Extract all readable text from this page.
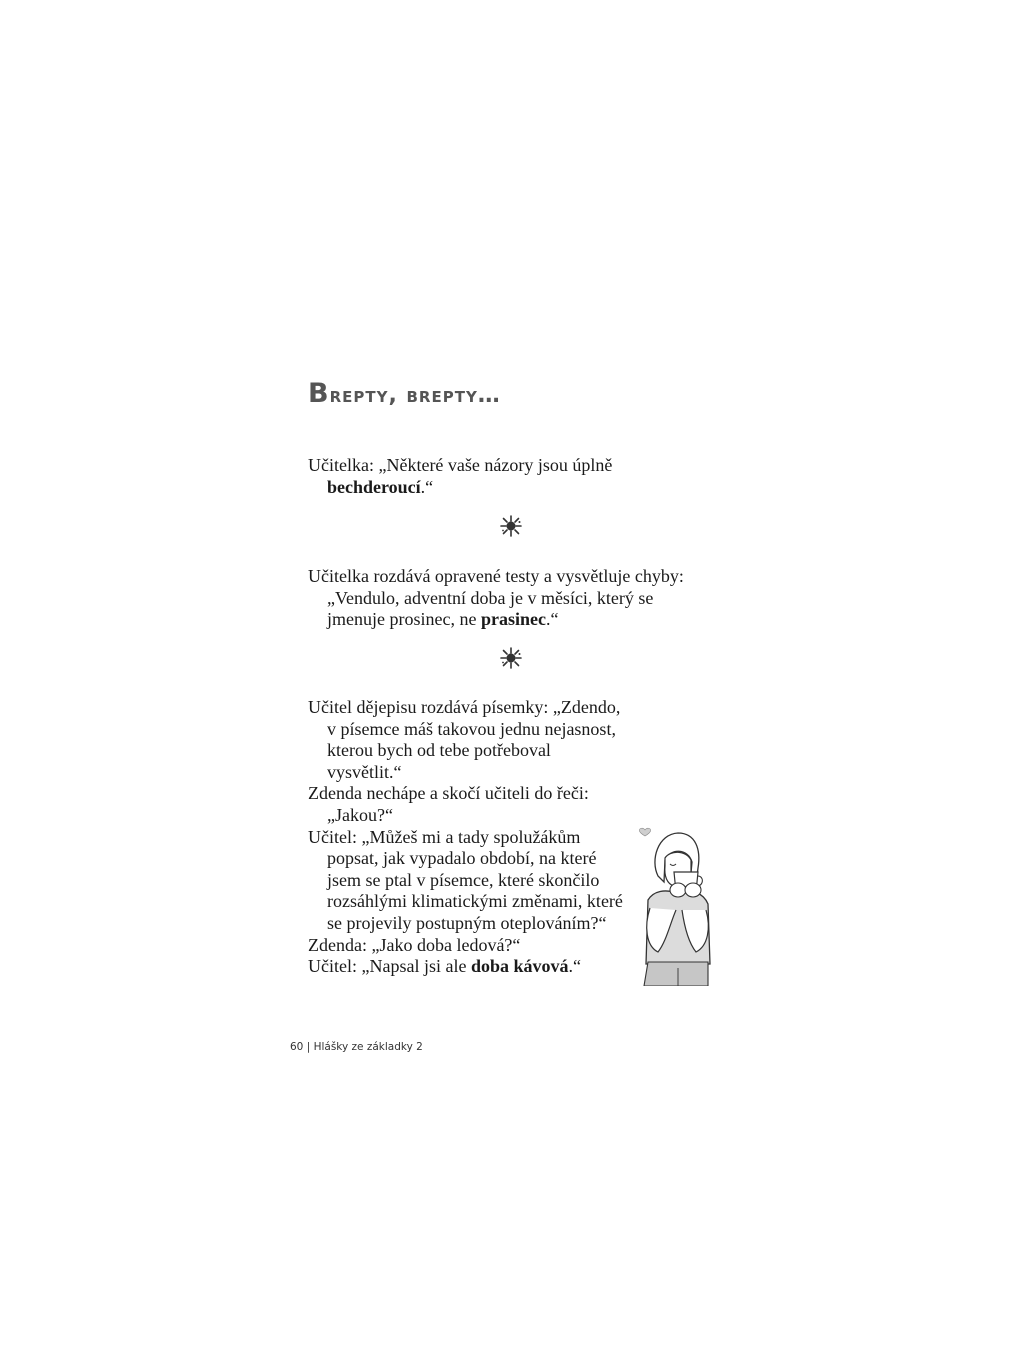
Brepty, brepty…
Učitelka: „Některé vaše názory jsou úplně
bechderoucí.“
Učitelka rozdává opravené testy a vysvětluje chyby:
„Vendulo, adventní doba je v měsíci, který se
jmenuje prosinec, ne prasinec.“
Učitel dějepisu rozdává písemky: „Zdendo,
v písemce máš takovou jednu nejasnost,
kterou bych od tebe potřeboval
vysvětlit.“
Zdenda nechápe a skočí učiteli do řeči:
„Jakou?“
Učitel: „Můžeš mi a tady spolužákům
popsat, jak vypadalo období, na které
jsem se ptal v písemce, které skončilo
rozsáhlými klimatickými změnami, které
se projevily postupným oteplováním?“
Zdenda: „Jako doba ledová?“
Učitel: „Napsal jsi ale doba kávová.“
60 | Hlášky ze základky 2
